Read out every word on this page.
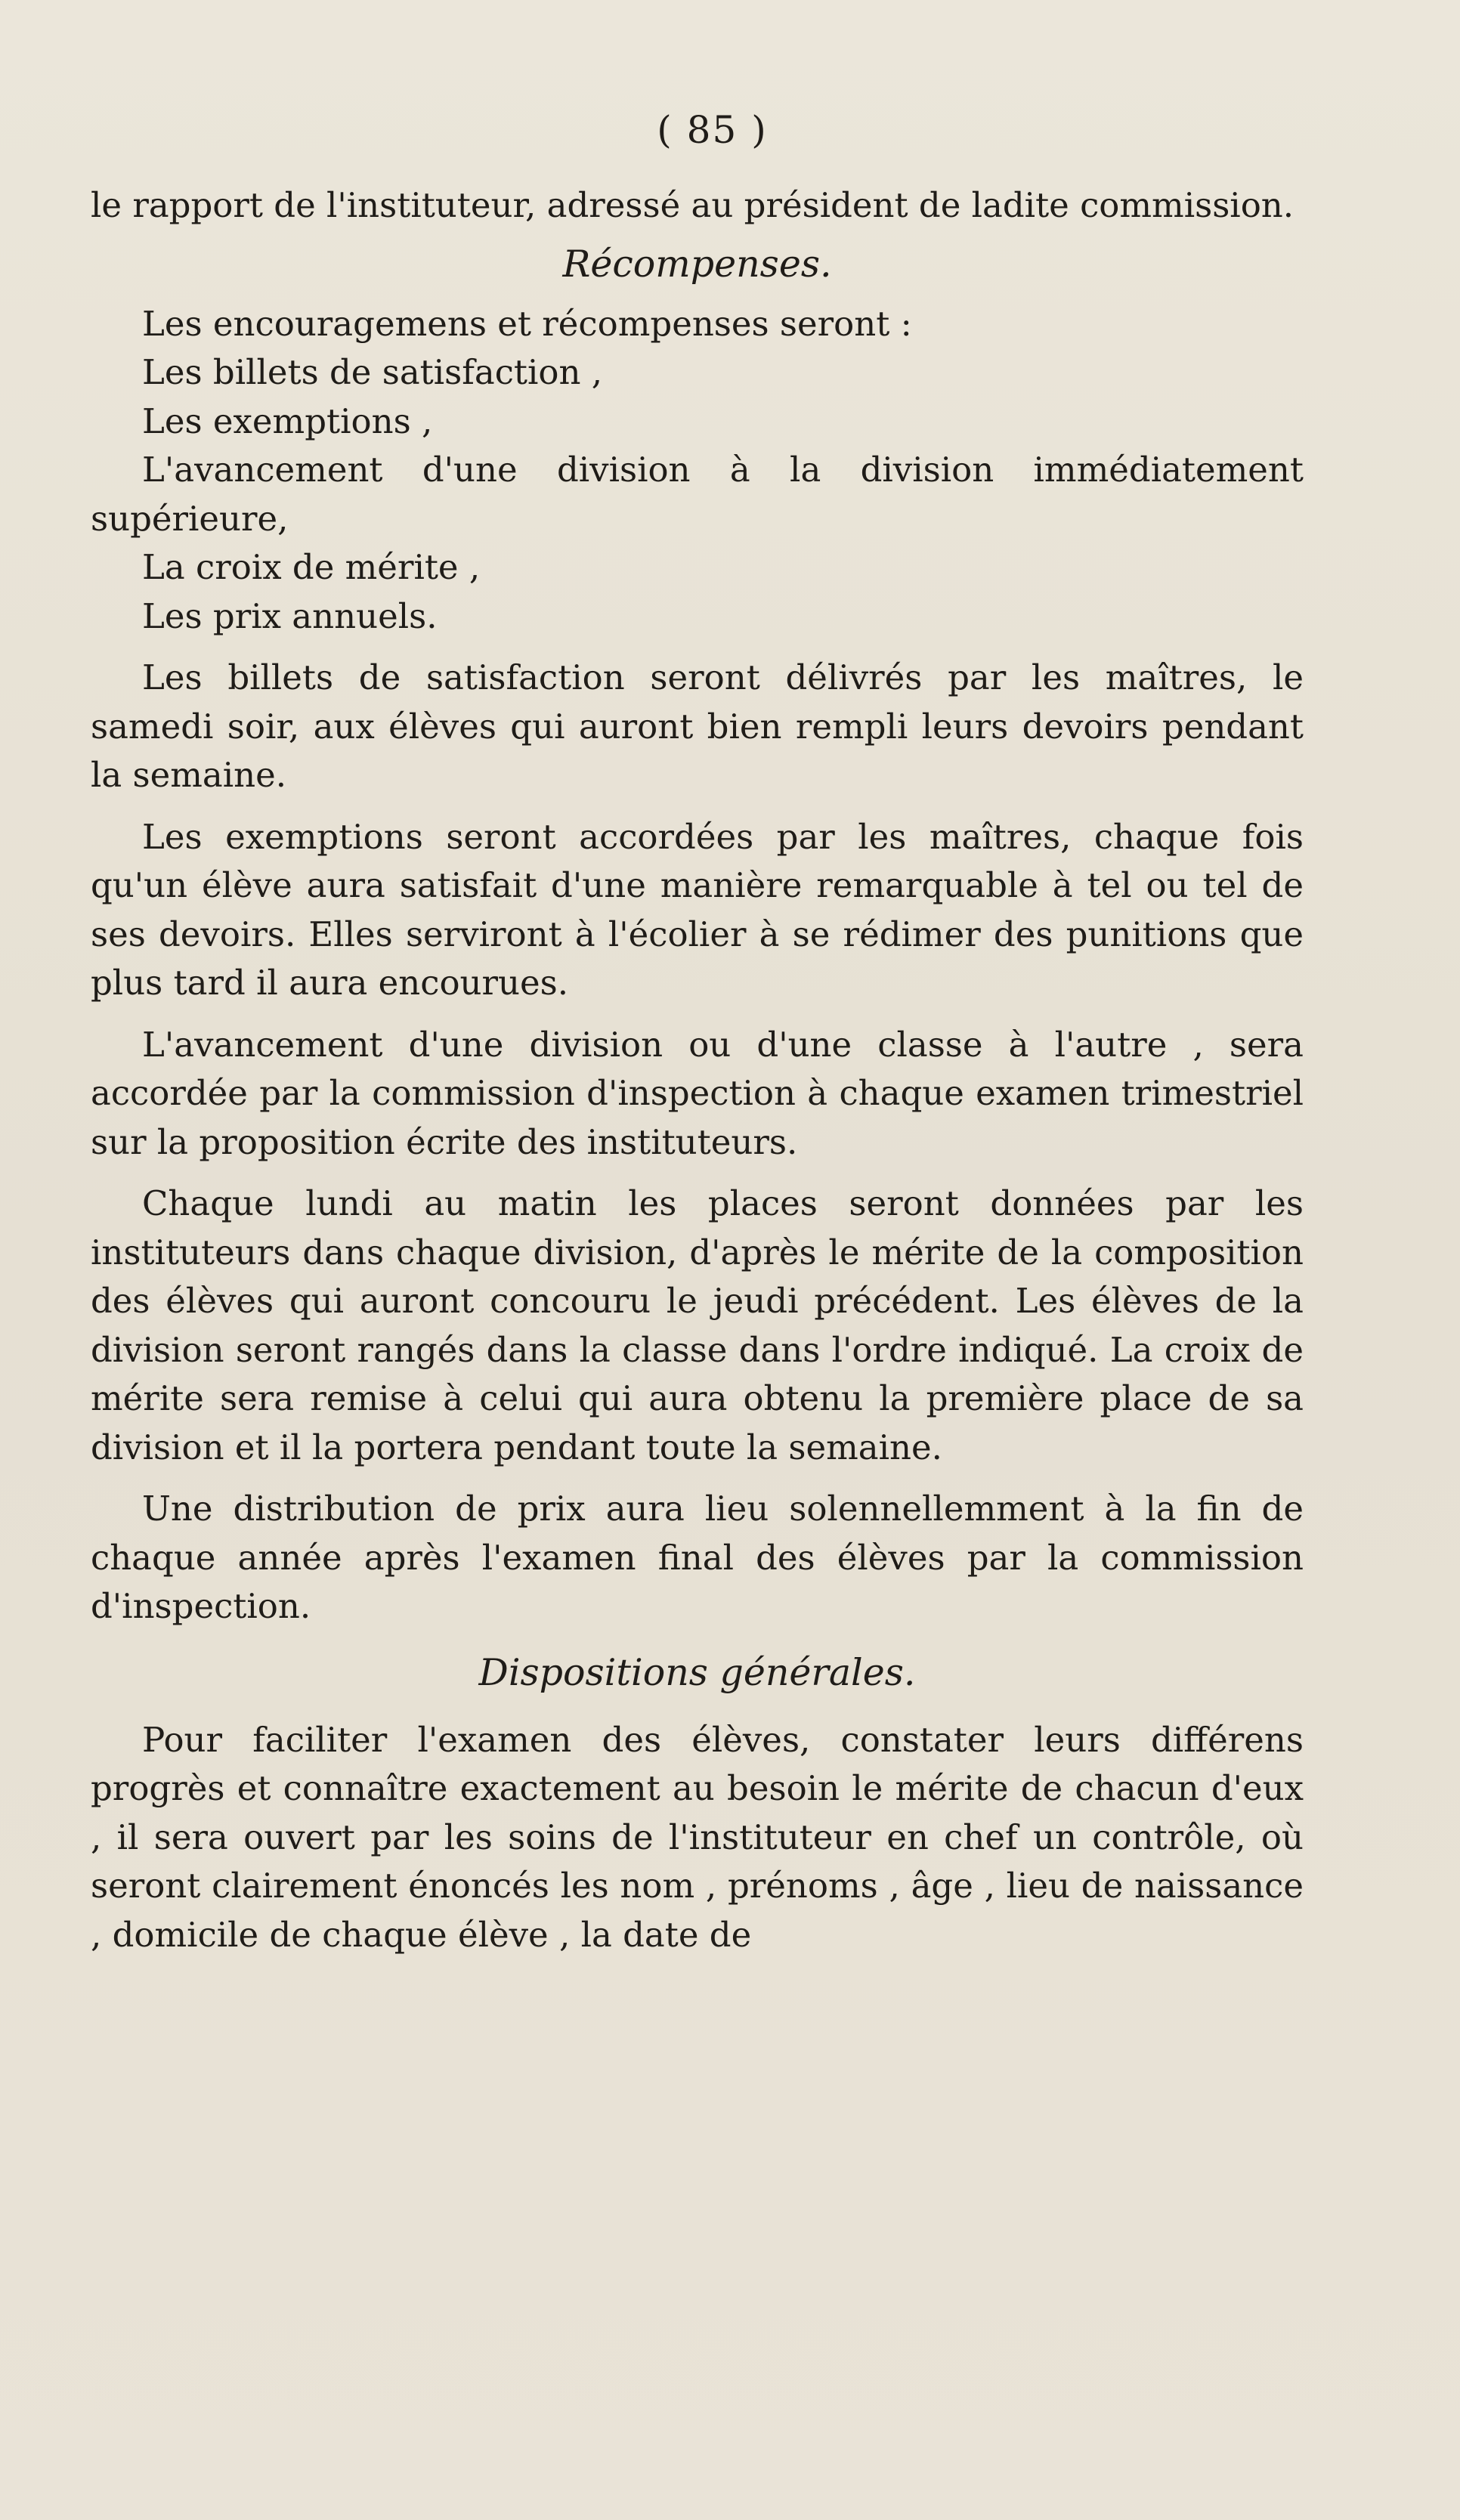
( 85 )

le rapport de l'instituteur, adressé au président de ladite commission.

Récompenses.

Les encouragemens et récompenses seront :

Les billets de satisfaction ,

Les exemptions ,

L'avancement d'une division à la division immédiatement supérieure,

La croix de mérite ,

Les prix annuels.

Les billets de satisfaction seront délivrés par les maîtres, le samedi soir, aux élèves qui auront bien rempli leurs devoirs pendant la semaine.

Les exemptions seront accordées par les maîtres, chaque fois qu'un élève aura satisfait d'une manière remarquable à tel ou tel de ses devoirs. Elles serviront à l'écolier à se rédimer des punitions que plus tard il aura encourues.

L'avancement d'une division ou d'une classe à l'autre , sera accordée par la commission d'inspection à chaque examen trimestriel sur la proposition écrite des instituteurs.

Chaque lundi au matin les places seront données par les instituteurs dans chaque division, d'après le mérite de la composition des élèves qui auront concouru le jeudi précédent. Les élèves de la division seront rangés dans la classe dans l'ordre indiqué. La croix de mérite sera remise à celui qui aura obtenu la première place de sa division et il la portera pendant toute la semaine.

Une distribution de prix aura lieu solennellemment à la fin de chaque année après l'examen final des élèves par la commission d'inspection.

Dispositions générales.

Pour faciliter l'examen des élèves, constater leurs différens progrès et connaître exactement au besoin le mérite de chacun d'eux , il sera ouvert par les soins de l'instituteur en chef un contrôle, où seront clairement énoncés les nom , prénoms , âge , lieu de naissance , domicile de chaque élève , la date de
